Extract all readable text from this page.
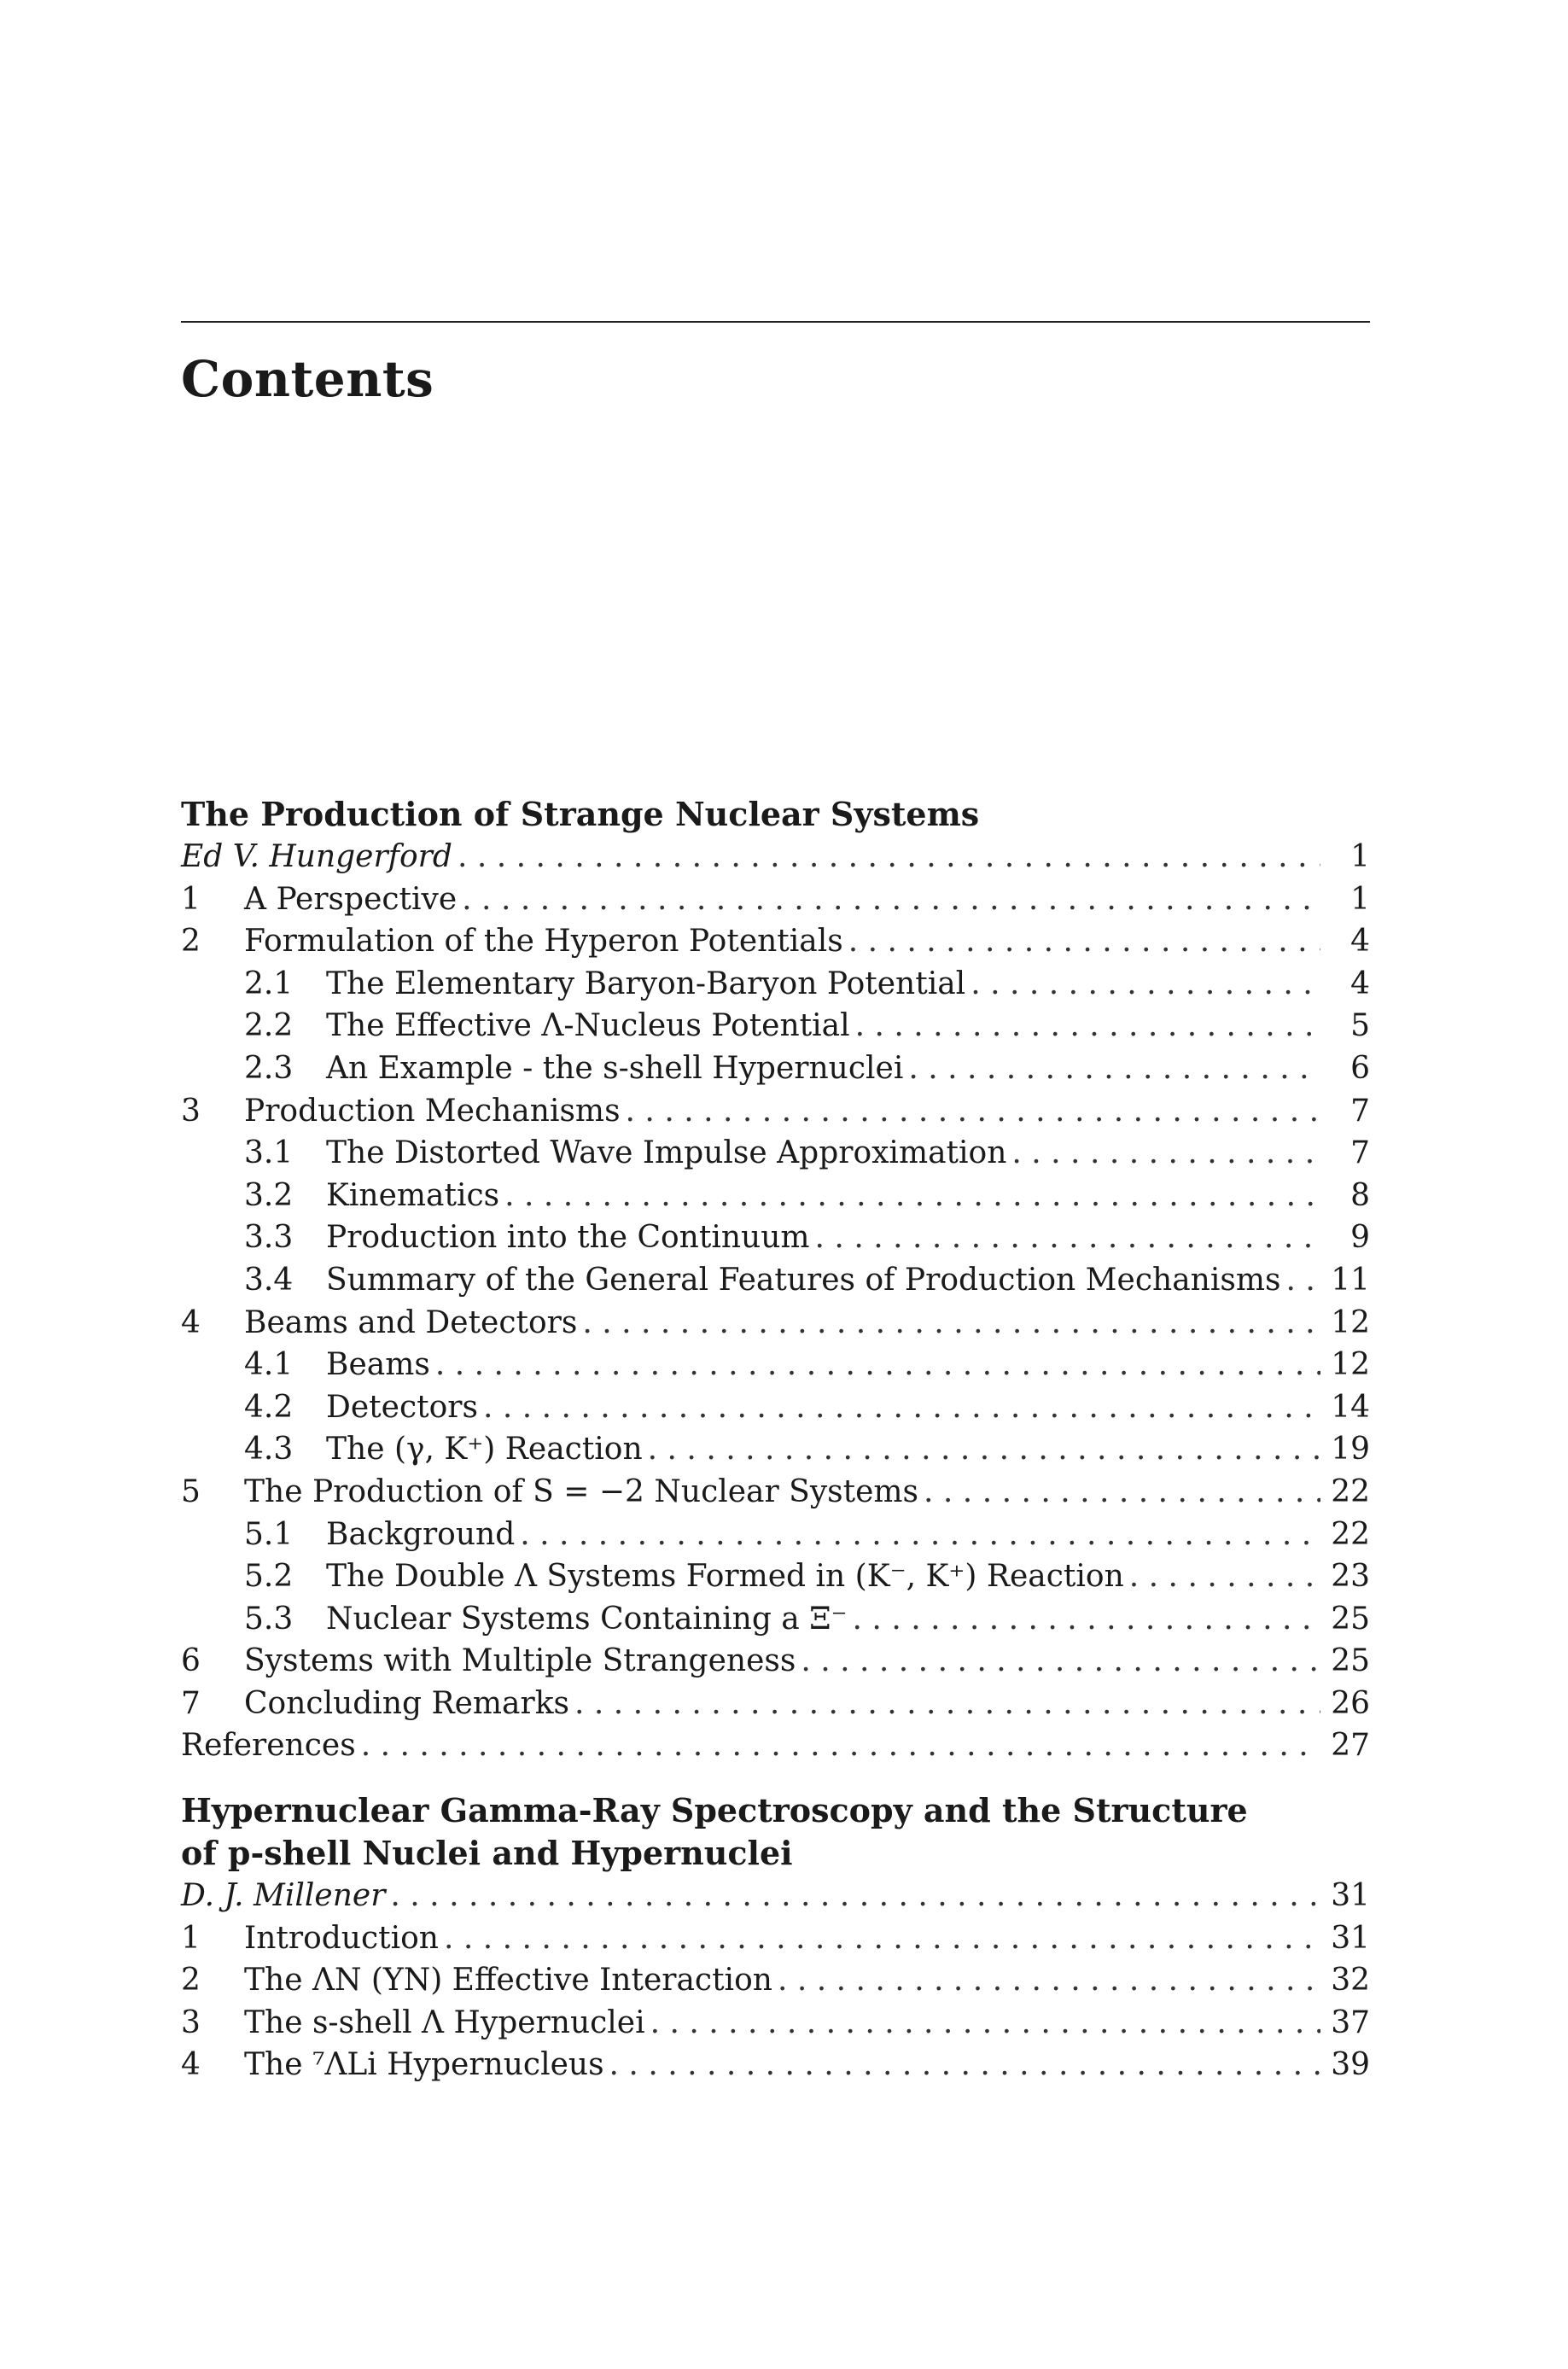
Contents
The Production of Strange Nuclear Systems
Ed V. Hungerford . . .	1
1	A Perspective . . .	1
2	Formulation of the Hyperon Potentials . . .	4
2.1	The Elementary Baryon-Baryon Potential . . .	4
2.2	The Effective Λ-Nucleus Potential . . .	5
2.3	An Example - the s-shell Hypernuclei . . .	6
3	Production Mechanisms . . .	7
3.1	The Distorted Wave Impulse Approximation . . .	7
3.2	Kinematics . . .	8
3.3	Production into the Continuum . . .	9
3.4	Summary of the General Features of Production Mechanisms . . . 11
4	Beams and Detectors . . .	12
4.1	Beams . . .	12
4.2	Detectors . . .	14
4.3	The (γ, K⁺) Reaction . . .	19
5	The Production of S = −2 Nuclear Systems . . .	22
5.1	Background . . .	22
5.2	The Double Λ Systems Formed in (K⁻, K⁺) Reaction . . .	23
5.3	Nuclear Systems Containing a Ξ⁻ . . .	25
6	Systems with Multiple Strangeness . . .	25
7	Concluding Remarks . . .	26
References . . .	27
Hypernuclear Gamma-Ray Spectroscopy and the Structure
of p-shell Nuclei and Hypernuclei
D. J. Millener . . .	31
1	Introduction . . .	31
2	The ΛN (YN) Effective Interaction . . .	32
3	The s-shell Λ Hypernuclei . . .	37
4	The ⁷ΛLi Hypernucleus . . .	39
